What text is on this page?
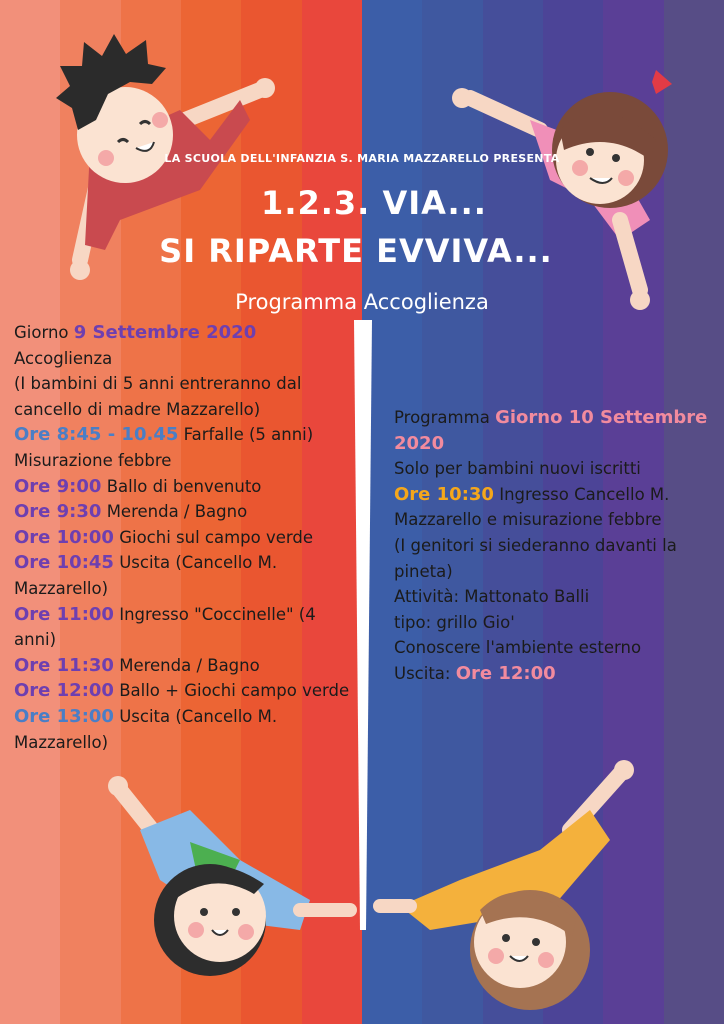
LA SCUOLA DELL'INFANZIA S. MARIA MAZZARELLO PRESENTA
1.2.3. VIA...
SI RIPARTE EVVIVA...
Programma Accoglienza

Giorno 9 Settembre 2020

Accoglienza

(I bambini di 5 anni entreranno dal cancello di madre Mazzarello)

Ore 8:45 - 10.45 Farfalle (5 anni)

Misurazione febbre

Ore 9:00 Ballo di benvenuto

Ore 9:30 Merenda / Bagno

Ore 10:00 Giochi sul campo verde

Ore 10:45 Uscita (Cancello M. Mazzarello)

Ore 11:00 Ingresso "Coccinelle" (4 anni)

Ore 11:30 Merenda / Bagno

Ore 12:00 Ballo + Giochi campo verde

Ore 13:00 Uscita (Cancello M. Mazzarello)

Programma Giorno 10 Settembre 2020

Solo per bambini nuovi iscritti

Ore 10:30 Ingresso Cancello M. Mazzarello e misurazione febbre

(I genitori si siederanno davanti la pineta)

Attività: Mattonato Balli

tipo: grillo Gio'

Conoscere l'ambiente esterno

Uscita: Ore 12:00
